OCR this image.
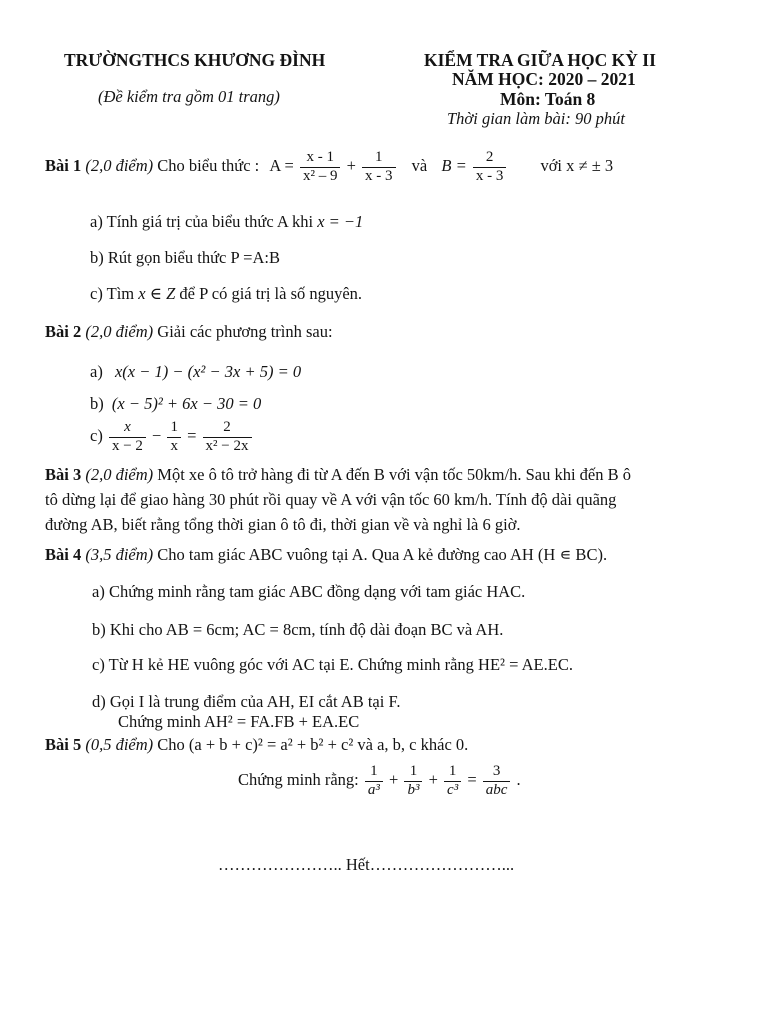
TRƯỜNGTHCS KHƯƠNG ĐÌNH
(Đề kiểm tra gồm 01 trang)
KIỂM TRA GIỮA HỌC KỲ II
NĂM HỌC: 2020 – 2021
Môn: Toán 8
Thời gian làm bài: 90 phút
Bài 1 (2,0 điểm) Cho biểu thức : $A = \frac{x - 1}{\text{x² – 9}} + \frac{1}{x - 3}$ và $B = \frac{2}{x - 3}$ với x ≠ ± 3
a) Tính giá trị của biểu thức A khi x = −1
b) Rút gọn biểu thức P =A:B
c) Tìm x ∈ Z để P có giá trị là số nguyên.
Bài 2 (2,0 điểm) Giải các phương trình sau:
a) x(x − 1) − (x² − 3x + 5) = 0
b) (x − 5)² + 6x − 30 = 0
$c) \frac{x}{x - 2} - \frac{1}{x} = \frac{2}{\text{x² − 2x}}$
Bài 3 (2,0 điểm) Một xe ô tô trở hàng đi từ A đến B với vận tốc 50km/h. Sau khi đến B ô
tô dừng lại để giao hàng 30 phút rồi quay về A với vận tốc 60 km/h. Tính độ dài quãng
đường AB, biết rằng tổng thời gian ô tô đi, thời gian về và nghỉ là 6 giờ.
Bài 4 (3,5 điểm) Cho tam giác ABC vuông tại A. Qua A kẻ đường cao AH (H ∊ BC).
a) Chứng minh rằng tam giác ABC đồng dạng với tam giác HAC.
b) Khi cho AB = 6cm; AC = 8cm, tính độ dài đoạn BC và AH.
c) Từ H kẻ HE vuông góc với AC tại E. Chứng minh rằng HE² = AE.EC.
d) Gọi I là trung điểm của AH, EI cắt AB tại F.
Chứng minh AH² = FA.FB + EA.EC
Bài 5 (0,5 điểm) Cho (a + b + c)² = a² + b² + c² và a, b, c khác 0.
Chứng minh rằng: $\frac{1}{\text{a³}} + \frac{1}{\text{b³}} + \frac{1}{\text{c³}} = \frac{3}{\text{abc}}$ .
………………….. Hết……………………...
